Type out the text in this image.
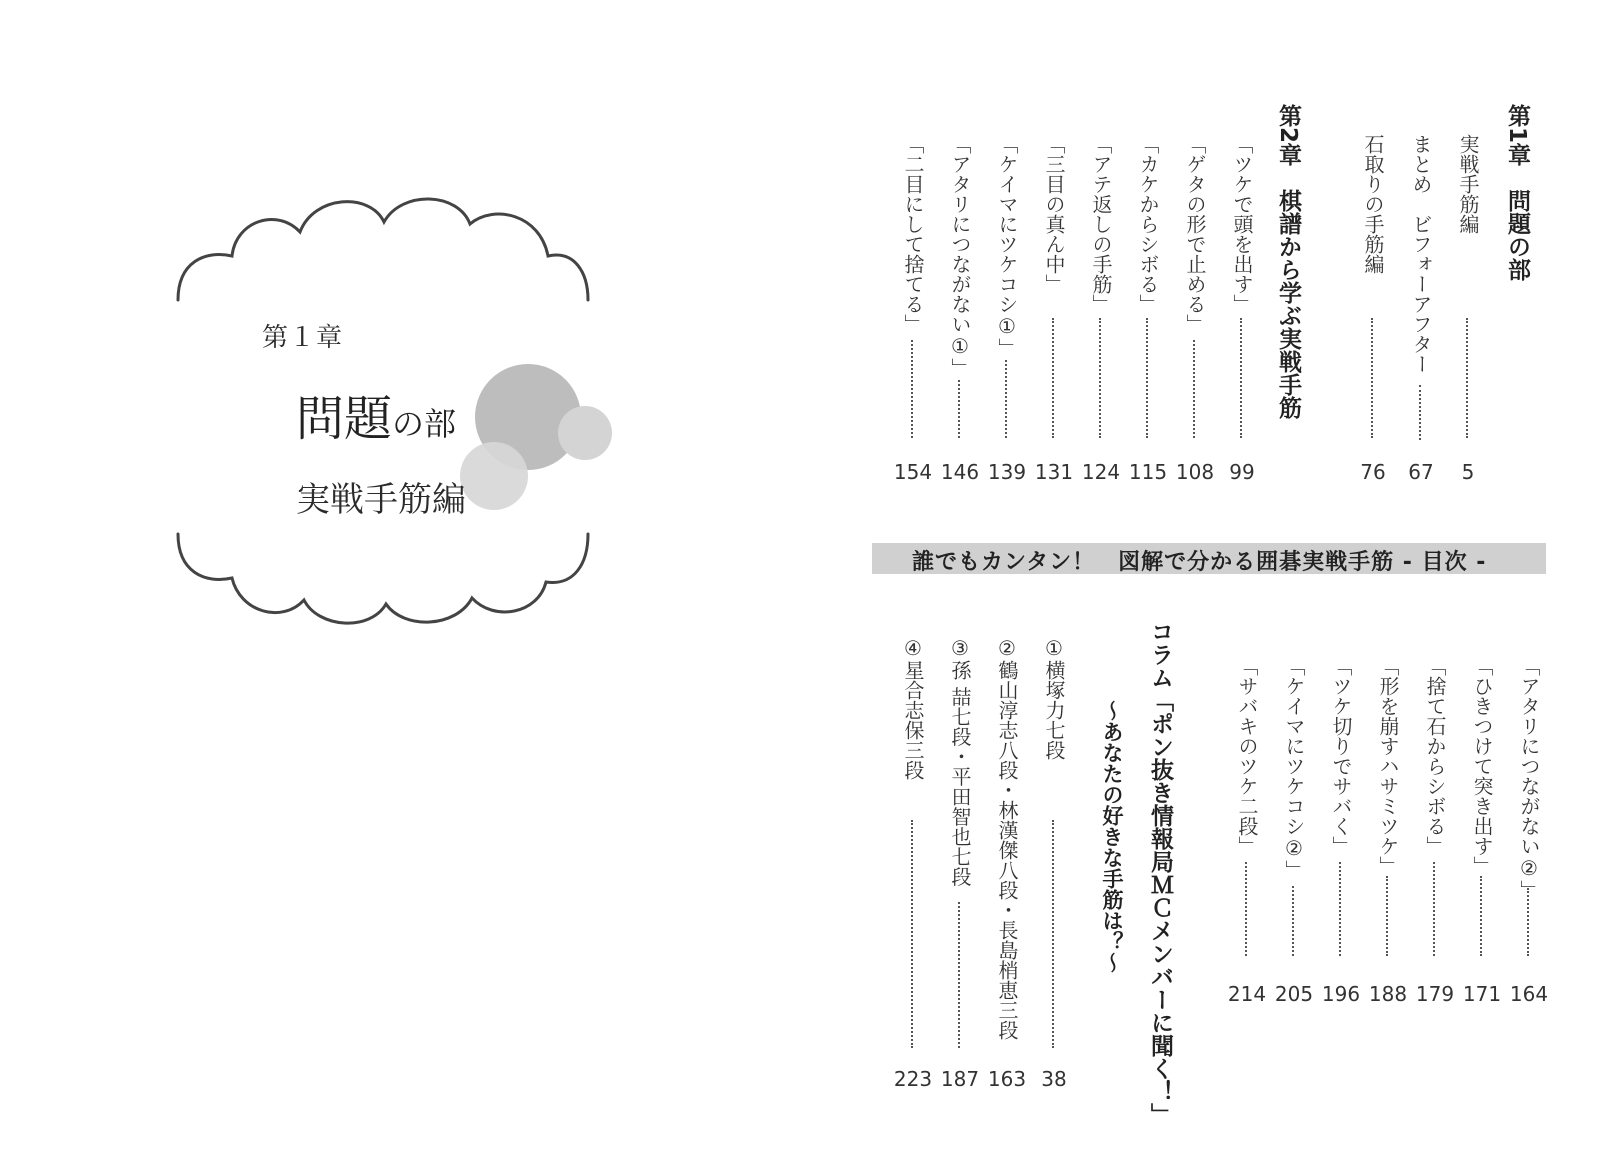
第１章
問題の部
実戦手筋編
第1章　問題の部
実戦手筋編
5
まとめ　ビフォーアフター
67
石取りの手筋編
76
第2章　棋譜から学ぶ実戦手筋
「ツケで頭を出す」
99
「ゲタの形で止める」
108
「カケからシボる」
115
「アテ返しの手筋」
124
「三目の真ん中」
131
「ケイマにツケコシ①」
139
「アタリにつながない①」
146
「二目にして捨てる」
154
誰でもカンタン！　図解で分かる囲碁実戦手筋 - 目次 -
「アタリにつながない②」
164
「ひきつけて突き出す」
171
「捨て石からシボる」
179
「形を崩すハサミツケ」
188
「ツケ切りでサバく」
196
「ケイマにツケコシ②」
205
「サバキのツケ二段」
214
コラム「ポン抜き情報局ＭＣメンバーに聞く！」
～あなたの好きな手筋は？～
①横塚力七段
38
②鶴山淳志八段・林漢傑八段・長島梢恵三段
163
③孫 喆七段・平田智也七段
187
④星合志保三段
223
